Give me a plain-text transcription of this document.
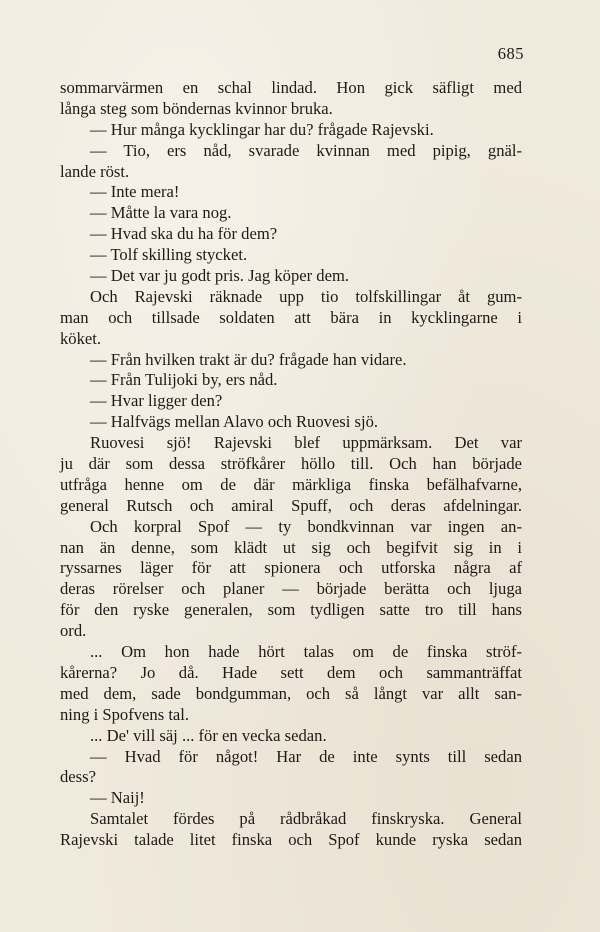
685
sommarvärmen en schal lindad. Hon gick säfligt med
långa steg som böndernas kvinnor bruka.
— Hur många kycklingar har du? frågade Rajevski.
— Tio, ers nåd, svarade kvinnan med pipig, gnäl-
lande röst.
— Inte mera!
— Måtte la vara nog.
— Hvad ska du ha för dem?
— Tolf skilling stycket.
— Det var ju godt pris. Jag köper dem.
Och Rajevski räknade upp tio tolfskillingar åt gum-
man och tillsade soldaten att bära in kycklingarne i
köket.
— Från hvilken trakt är du? frågade han vidare.
— Från Tulijoki by, ers nåd.
— Hvar ligger den?
— Halfvägs mellan Alavo och Ruovesi sjö.
Ruovesi sjö! Rajevski blef uppmärksam. Det var
ju där som dessa ströfkårer höllo till. Och han började
utfråga henne om de där märkliga finska befälhafvarne,
general Rutsch och amiral Spuff, och deras afdelningar.
Och korpral Spof — ty bondkvinnan var ingen an-
nan än denne, som klädt ut sig och begifvit sig in i
ryssarnes läger för att spionera och utforska några af
deras rörelser och planer — började berätta och ljuga
för den ryske generalen, som tydligen satte tro till hans
ord.
... Om hon hade hört talas om de finska ströf-
kårerna? Jo då. Hade sett dem och sammanträffat
med dem, sade bondgumman, och så långt var allt san-
ning i Spofvens tal.
... De' vill säj ... för en vecka sedan.
— Hvad för något! Har de inte synts till sedan
dess?
— Naij!
Samtalet fördes på rådbråkad finskryska. General
Rajevski talade litet finska och Spof kunde ryska sedan
